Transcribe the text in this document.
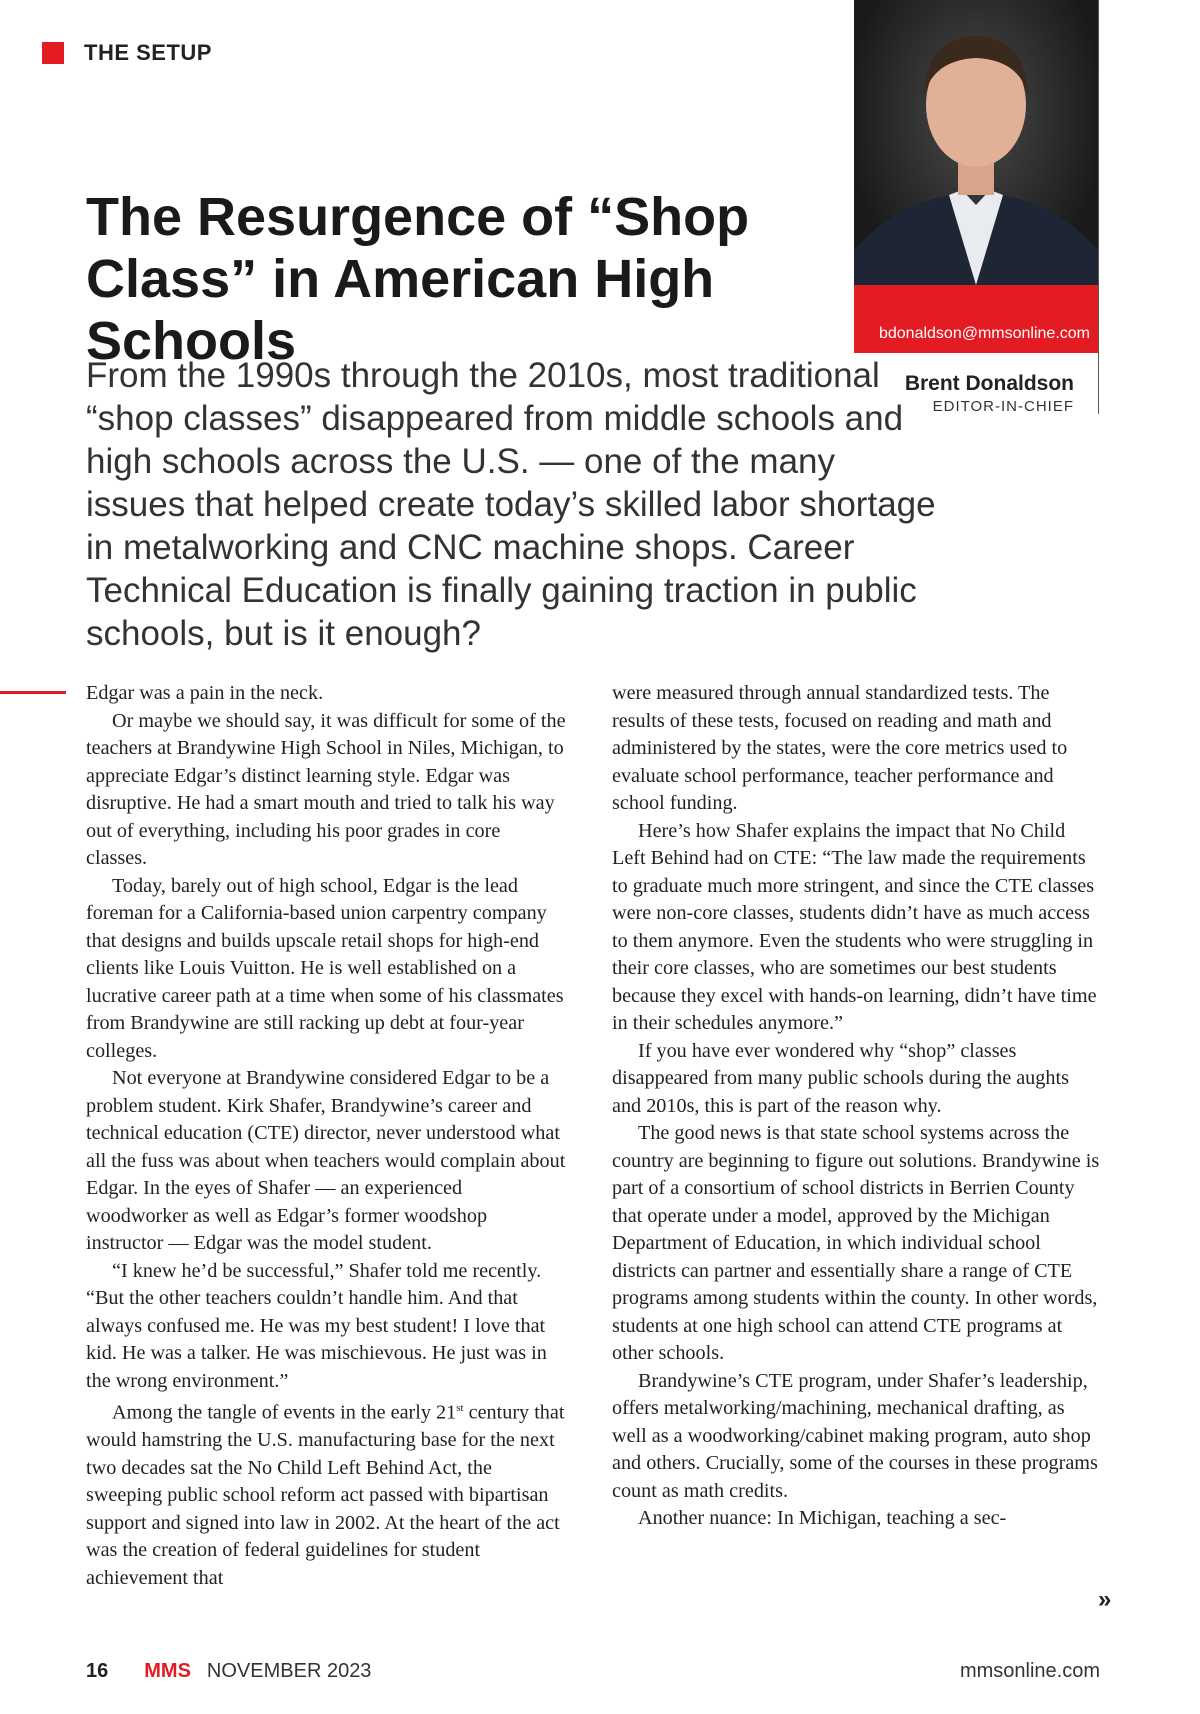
THE SETUP
The Resurgence of “Shop Class” in American High Schools	bdonaldson@mmsonline.com
Brent Donaldson
EDITOR-IN-CHIEF

From the 1990s through the 2010s, most traditional “shop classes” disappeared from middle schools and high schools across the U.S. — one of the many issues that helped create today’s skilled labor shortage in metalworking and CNC machine shops. Career Technical Education is finally gaining traction in public schools, but is it enough?

Edgar was a pain in the neck.

Or maybe we should say, it was difficult for some of the teachers at Brandywine High School in Niles, Michigan, to appreciate Edgar’s distinct learning style. Edgar was disruptive. He had a smart mouth and tried to talk his way out of everything, including his poor grades in core classes.

Today, barely out of high school, Edgar is the lead foreman for a California-based union carpentry company that designs and builds upscale retail shops for high-end clients like Louis Vuitton. He is well established on a lucrative career path at a time when some of his classmates from Brandywine are still racking up debt at four-year colleges.

Not everyone at Brandywine considered Edgar to be a problem student. Kirk Shafer, Brandywine’s career and technical education (CTE) director, never understood what all the fuss was about when teachers would complain about Edgar. In the eyes of Shafer — an experienced woodworker as well as Edgar’s former woodshop instructor — Edgar was the model student.

“I knew he’d be successful,” Shafer told me recently. “But the other teachers couldn’t handle him. And that always confused me. He was my best student! I love that kid. He was a talker. He was mischievous. He just was in the wrong environment.”

Among the tangle of events in the early 21st century that would hamstring the U.S. manufacturing base for the next two decades sat the No Child Left Behind Act, the sweeping public school reform act passed with bipartisan support and signed into law in 2002. At the heart of the act was the creation of federal guidelines for student achievement that

were measured through annual standardized tests. The results of these tests, focused on reading and math and administered by the states, were the core metrics used to evaluate school performance, teacher performance and school funding.

Here’s how Shafer explains the impact that No Child Left Behind had on CTE: “The law made the requirements to graduate much more stringent, and since the CTE classes were non-core classes, students didn’t have as much access to them anymore. Even the students who were struggling in their core classes, who are sometimes our best students because they excel with hands-on learning, didn’t have time in their schedules anymore.”

If you have ever wondered why “shop” classes disappeared from many public schools during the aughts and 2010s, this is part of the reason why.

The good news is that state school systems across the country are beginning to figure out solutions. Brandywine is part of a consortium of school districts in Berrien County that operate under a model, approved by the Michigan Department of Education, in which individual school districts can partner and essentially share a range of CTE programs among students within the county. In other words, students at one high school can attend CTE programs at other schools.

Brandywine’s CTE program, under Shafer’s leadership, offers metalworking/machining, mechanical drafting, as well as a woodworking/cabinet making program, auto shop and others. Crucially, some of the courses in these programs count as math credits.

Another nuance: In Michigan, teaching a sec-

»
16 MMS NOVEMBER 2023	mmsonline.com
